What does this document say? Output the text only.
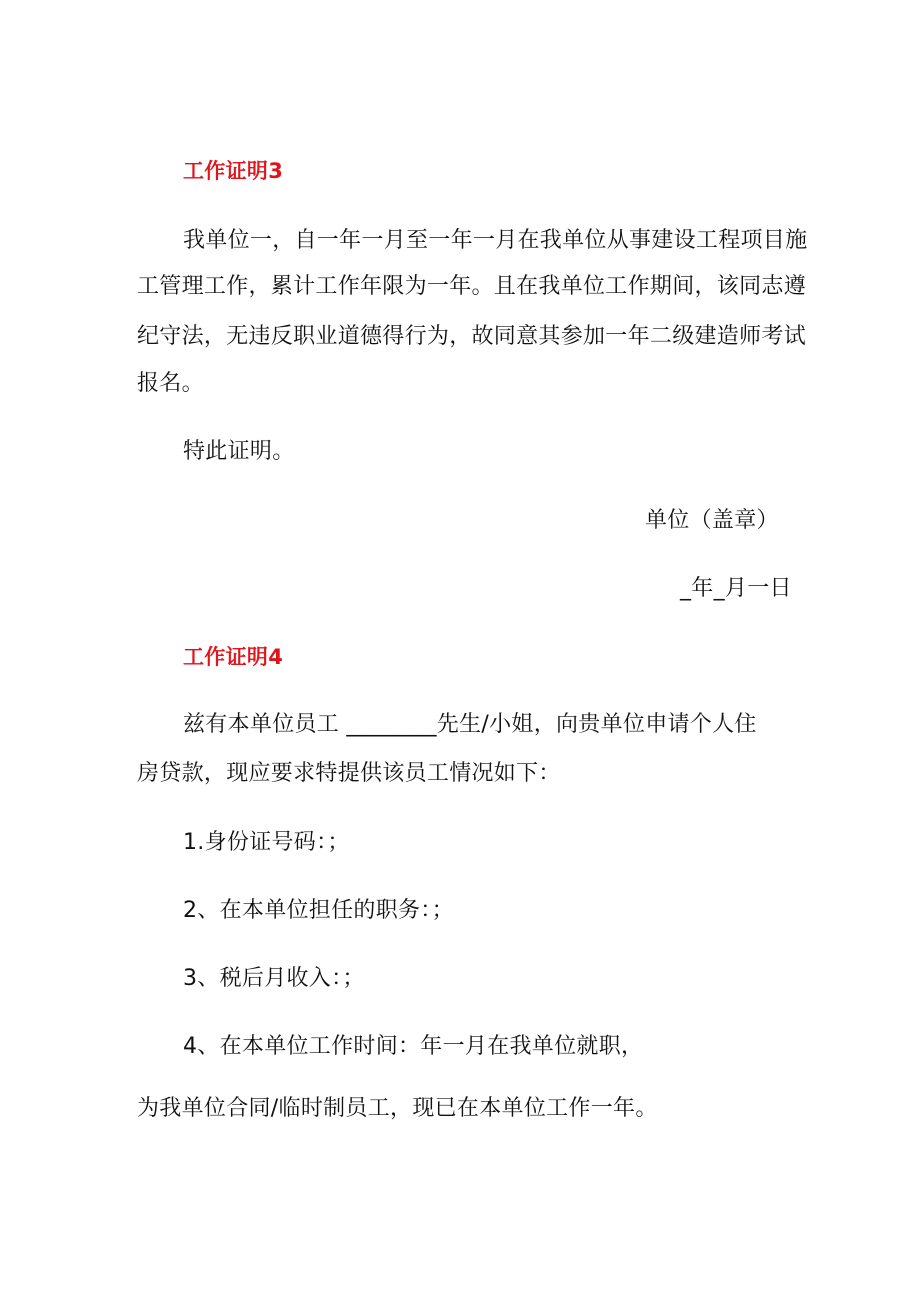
工作证明3
我单位一，自一年一月至一年一月在我单位从事建设工程项目施
工管理工作，累计工作年限为一年。且在我单位工作期间，该同志遵
纪守法，无违反职业道德得行为，故同意其参加一年二级建造师考试
报名。
特此证明。
单位（盖章）
_年_月一日
工作证明4
兹有本单位员工 ________先生/小姐，向贵单位申请个人住
房贷款，现应要求特提供该员工情况如下：
1.身份证号码：；
2、在本单位担任的职务：；
3、税后月收入：；
4、在本单位工作时间：年一月在我单位就职，
为我单位合同/临时制员工，现已在本单位工作一年。
